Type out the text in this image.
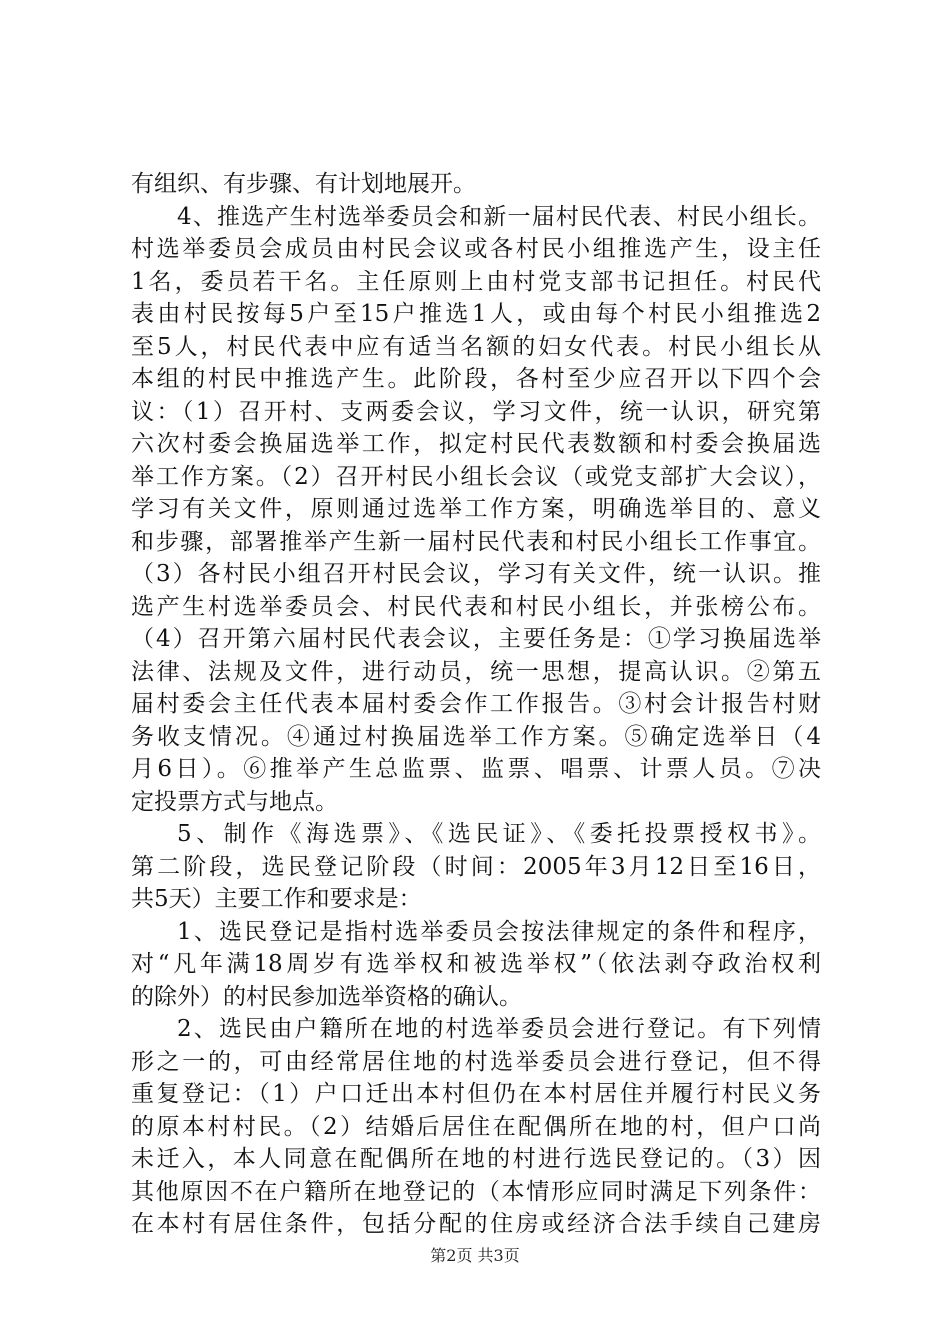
有组织、有步骤、有计划地展开。
4、推选产生村选举委员会和新一届村民代表、村民小组长。
村选举委员会成员由村民会议或各村民小组推选产生，设主任
1名，委员若干名。主任原则上由村党支部书记担任。村民代
表由村民按每5户至15户推选1人，或由每个村民小组推选2
至5人，村民代表中应有适当名额的妇女代表。村民小组长从
本组的村民中推选产生。此阶段，各村至少应召开以下四个会
议：（1）召开村、支两委会议，学习文件，统一认识，研究第
六次村委会换届选举工作，拟定村民代表数额和村委会换届选
举工作方案。（2）召开村民小组长会议（或党支部扩大会议），
学习有关文件，原则通过选举工作方案，明确选举目的、意义
和步骤，部署推举产生新一届村民代表和村民小组长工作事宜。
（3）各村民小组召开村民会议，学习有关文件，统一认识。推
选产生村选举委员会、村民代表和村民小组长，并张榜公布。
（4）召开第六届村民代表会议，主要任务是：①学习换届选举
法律、法规及文件，进行动员，统一思想，提高认识。②第五
届村委会主任代表本届村委会作工作报告。③村会计报告村财
务收支情况。④通过村换届选举工作方案。⑤确定选举日（4
月6日）。⑥推举产生总监票、监票、唱票、计票人员。⑦决
定投票方式与地点。
5、制作《海选票》、《选民证》、《委托投票授权书》。
第二阶段，选民登记阶段（时间：2005年3月12日至16日，
共5天）主要工作和要求是：
1、选民登记是指村选举委员会按法律规定的条件和程序，
对“凡年满18周岁有选举权和被选举权”（依法剥夺政治权利
的除外）的村民参加选举资格的确认。
2、选民由户籍所在地的村选举委员会进行登记。有下列情
形之一的，可由经常居住地的村选举委员会进行登记，但不得
重复登记：（1）户口迁出本村但仍在本村居住并履行村民义务
的原本村村民。（2）结婚后居住在配偶所在地的村，但户口尚
未迁入，本人同意在配偶所在地的村进行选民登记的。（3）因
其他原因不在户籍所在地登记的（本情形应同时满足下列条件：
在本村有居住条件，包括分配的住房或经济合法手续自己建房
第2页 共3页
